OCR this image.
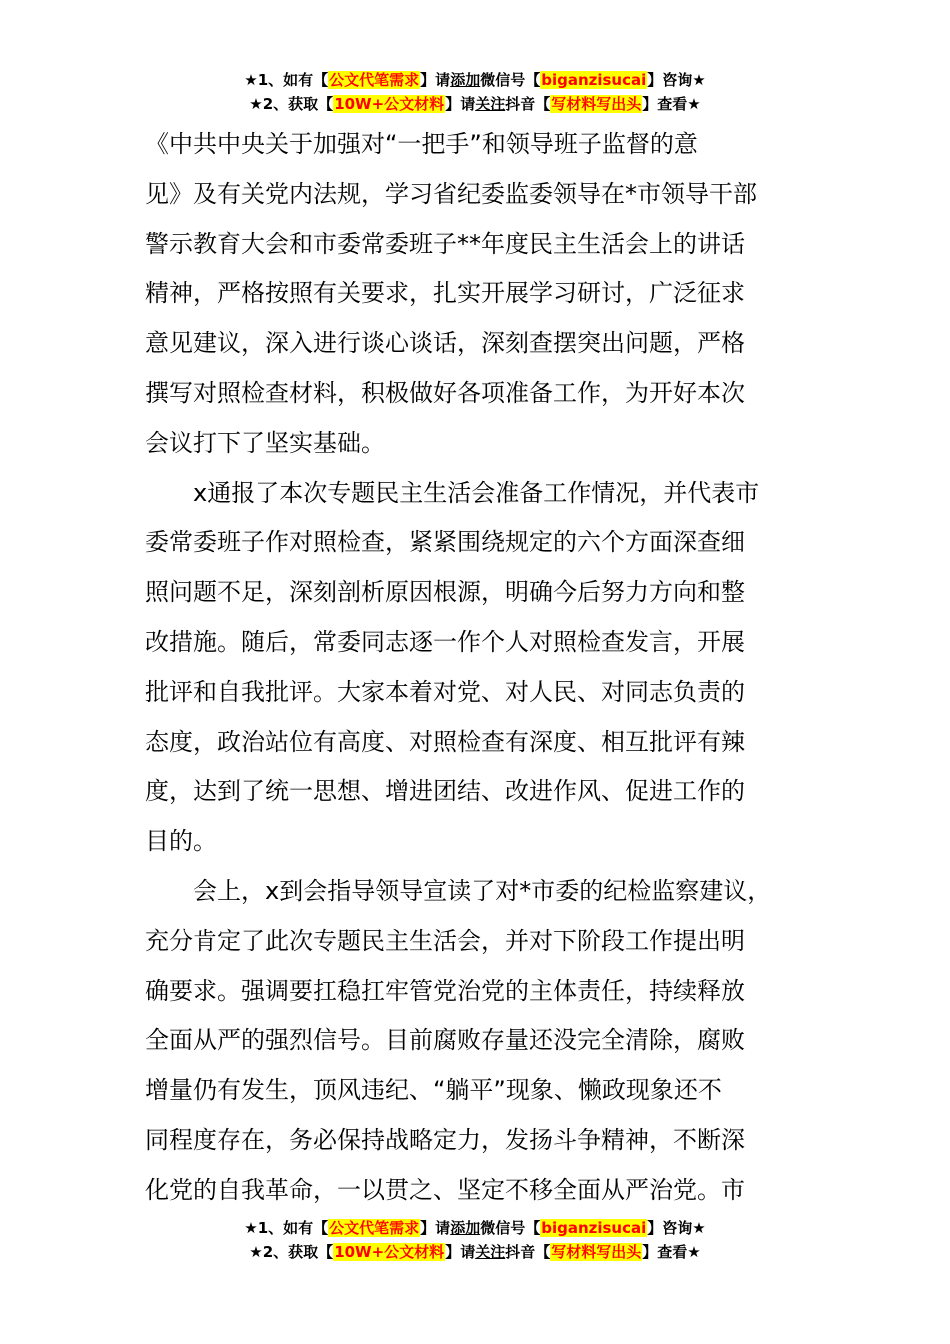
★1、如有【公文代笔需求】请添加微信号【biganzisucai】咨询★
★2、获取【10W+公文材料】请关注抖音【写材料写出头】查看★
《中共中央关于加强对“一把手”和领导班子监督的意
见》及有关党内法规，学习省纪委监委领导在*市领导干部
警示教育大会和市委常委班子**年度民主生活会上的讲话
精神，严格按照有关要求，扎实开展学习研讨，广泛征求
意见建议，深入进行谈心谈话，深刻查摆突出问题，严格
撰写对照检查材料，积极做好各项准备工作，为开好本次
会议打下了坚实基础。
x通报了本次专题民主生活会准备工作情况，并代表市
委常委班子作对照检查，紧紧围绕规定的六个方面深查细
照问题不足，深刻剖析原因根源，明确今后努力方向和整
改措施。随后，常委同志逐一作个人对照检查发言，开展
批评和自我批评。大家本着对党、对人民、对同志负责的
态度，政治站位有高度、对照检查有深度、相互批评有辣
度，达到了统一思想、增进团结、改进作风、促进工作的
目的。
会上，x到会指导领导宣读了对*市委的纪检监察建议，
充分肯定了此次专题民主生活会，并对下阶段工作提出明
确要求。强调要扛稳扛牢管党治党的主体责任，持续释放
全面从严的强烈信号。目前腐败存量还没完全清除，腐败
增量仍有发生，顶风违纪、“躺平”现象、懒政现象还不
同程度存在，务必保持战略定力，发扬斗争精神，不断深
化党的自我革命，一以贯之、坚定不移全面从严治党。市
★1、如有【公文代笔需求】请添加微信号【biganzisucai】咨询★
★2、获取【10W+公文材料】请关注抖音【写材料写出头】查看★
